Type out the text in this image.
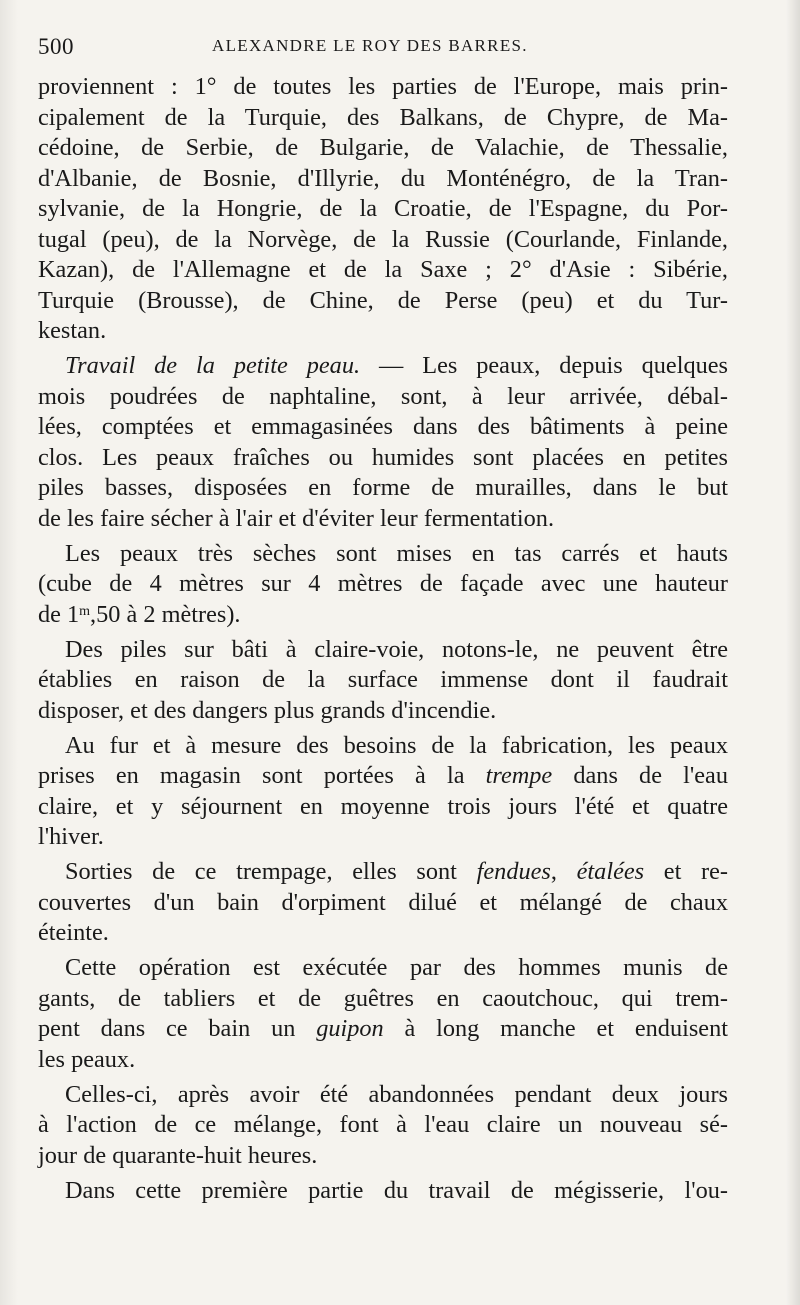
500	ALEXANDRE LE ROY DES BARRES.
proviennent : 1° de toutes les parties de l'Europe, mais prin-
cipalement de la Turquie, des Balkans, de Chypre, de Ma-
cédoine, de Serbie, de Bulgarie, de Valachie, de Thessalie,
d'Albanie, de Bosnie, d'Illyrie, du Monténégro, de la Tran-
sylvanie, de la Hongrie, de la Croatie, de l'Espagne, du Por-
tugal (peu), de la Norvège, de la Russie (Courlande, Finlande,
Kazan), de l'Allemagne et de la Saxe ; 2° d'Asie : Sibérie,
Turquie (Brousse), de Chine, de Perse (peu) et du Tur-
kestan.
Travail de la petite peau. — Les peaux, depuis quelques
mois poudrées de naphtaline, sont, à leur arrivée, débal-
lées, comptées et emmagasinées dans des bâtiments à peine
clos. Les peaux fraîches ou humides sont placées en petites
piles basses, disposées en forme de murailles, dans le but
de les faire sécher à l'air et d'éviter leur fermentation.
Les peaux très sèches sont mises en tas carrés et hauts
(cube de 4 mètres sur 4 mètres de façade avec une hauteur
de 1$^m$,50 à 2 mètres).
Des piles sur bâti à claire-voie, notons-le, ne peuvent être
établies en raison de la surface immense dont il faudrait
disposer, et des dangers plus grands d'incendie.
Au fur et à mesure des besoins de la fabrication, les peaux
prises en magasin sont portées à la trempe dans de l'eau
claire, et y séjournent en moyenne trois jours l'été et quatre
l'hiver.
Sorties de ce trempage, elles sont fendues, étalées et re-
couvertes d'un bain d'orpiment dilué et mélangé de chaux
éteinte.
Cette opération est exécutée par des hommes munis de
gants, de tabliers et de guêtres en caoutchouc, qui trem-
pent dans ce bain un guipon à long manche et enduisent
les peaux.
Celles-ci, après avoir été abandonnées pendant deux jours
à l'action de ce mélange, font à l'eau claire un nouveau sé-
jour de quarante-huit heures.
Dans cette première partie du travail de mégisserie, l'ou-
